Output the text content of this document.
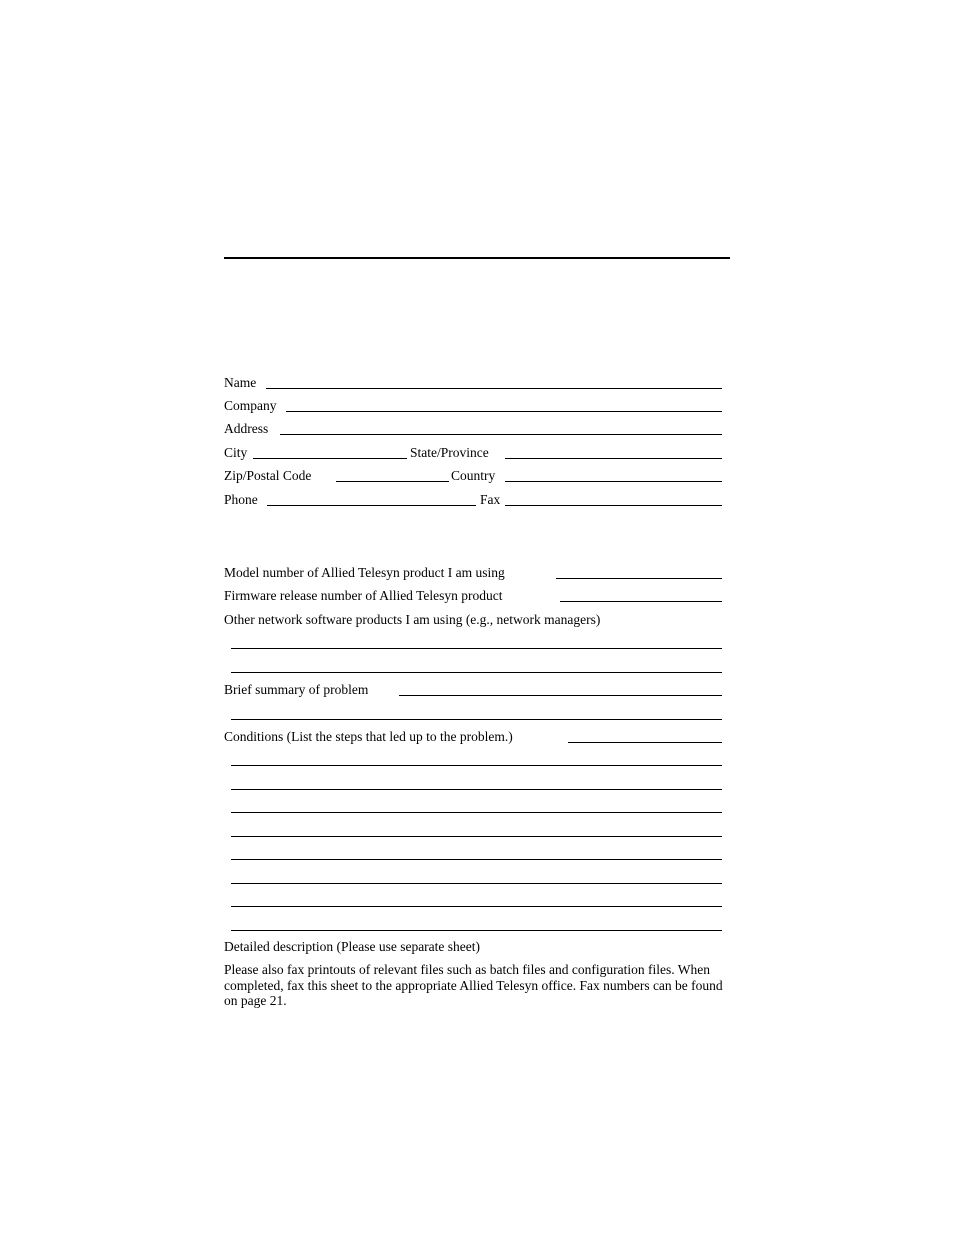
Name
Company
Address
City	State/Province
Zip/Postal Code	Country
Phone	Fax
Model number of Allied Telesyn product I am using
Firmware release number of Allied Telesyn product
Other network software products I am using (e.g., network managers)
Brief summary of problem
Conditions (List the steps that led up to the problem.)
Detailed description (Please use separate sheet)
Please also fax printouts of relevant files such as batch files and configuration files. When completed, fax this sheet to the appropriate Allied Telesyn office. Fax numbers can be found on page 21.
